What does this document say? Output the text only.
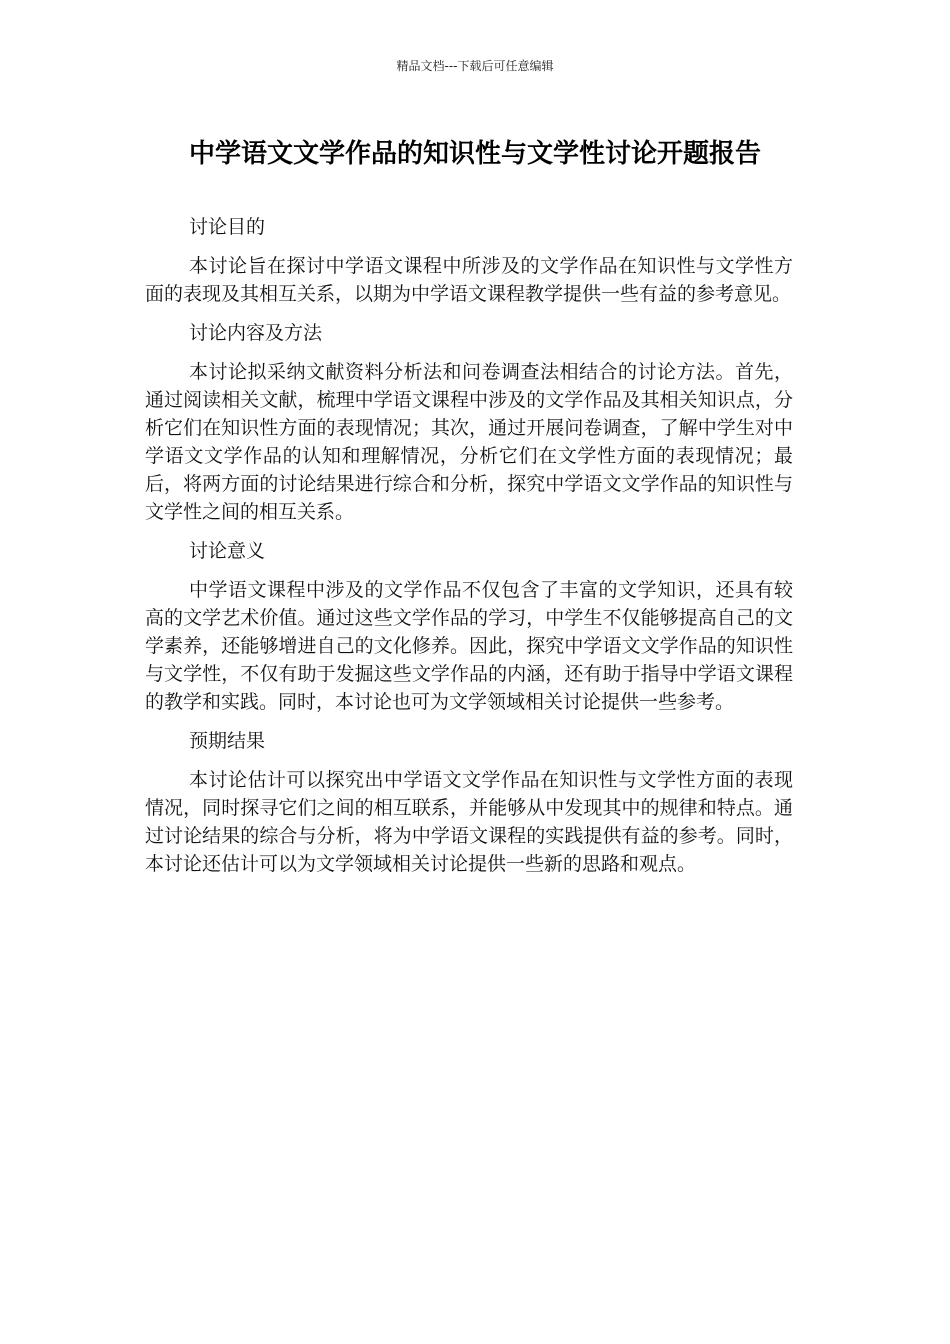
精品文档---下载后可任意编辑
中学语文文学作品的知识性与文学性讨论开题报告

讨论目的

本讨论旨在探讨中学语文课程中所涉及的文学作品在知识性与文学性方面的表现及其相互关系，以期为中学语文课程教学提供一些有益的参考意见。

讨论内容及方法

本讨论拟采纳文献资料分析法和问卷调查法相结合的讨论方法。首先，通过阅读相关文献，梳理中学语文课程中涉及的文学作品及其相关知识点，分析它们在知识性方面的表现情况；其次，通过开展问卷调查，了解中学生对中学语文文学作品的认知和理解情况，分析它们在文学性方面的表现情况；最后，将两方面的讨论结果进行综合和分析，探究中学语文文学作品的知识性与文学性之间的相互关系。

讨论意义

中学语文课程中涉及的文学作品不仅包含了丰富的文学知识，还具有较高的文学艺术价值。通过这些文学作品的学习，中学生不仅能够提高自己的文学素养，还能够增进自己的文化修养。因此，探究中学语文文学作品的知识性与文学性，不仅有助于发掘这些文学作品的内涵，还有助于指导中学语文课程的教学和实践。同时，本讨论也可为文学领域相关讨论提供一些参考。

预期结果

本讨论估计可以探究出中学语文文学作品在知识性与文学性方面的表现情况，同时探寻它们之间的相互联系，并能够从中发现其中的规律和特点。通过讨论结果的综合与分析，将为中学语文课程的实践提供有益的参考。同时，本讨论还估计可以为文学领域相关讨论提供一些新的思路和观点。
